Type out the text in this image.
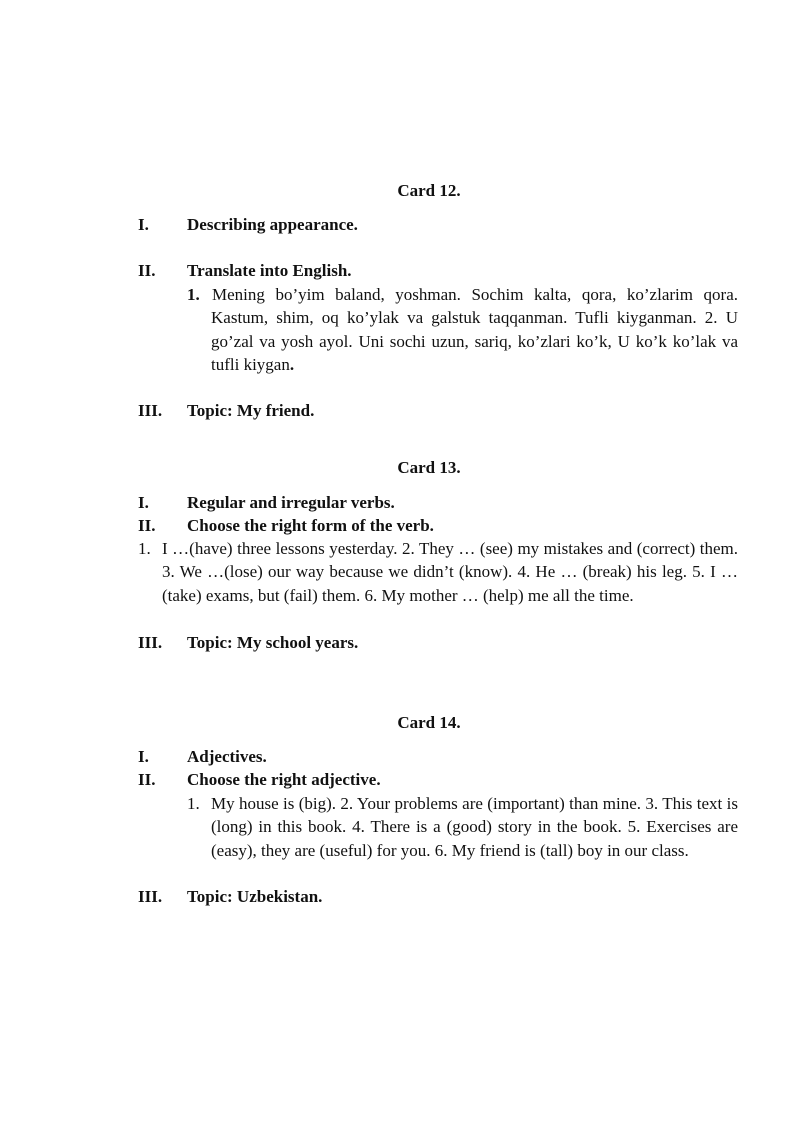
Card 12.
I. Describing appearance.
II. Translate into English.
1. Mening bo’yim baland, yoshman. Sochim kalta, qora, ko’zlarim qora. Kastum, shim, oq ko’ylak va galstuk taqqanman. Tufli kiyganman. 2. U go’zal va yosh ayol. Uni sochi uzun, sariq, ko’zlari ko’k, U ko’k ko’lak va tufli kiygan.
III. Topic: My friend.
Card 13.
I. Regular and irregular verbs.
II. Choose the right form of the verb.
1. I …(have) three lessons yesterday. 2. They … (see) my mistakes and (correct) them. 3. We …(lose) our way because we didn’t (know). 4. He … (break) his leg. 5. I …(take) exams, but (fail) them. 6. My mother … (help) me all the time.
III. Topic: My school years.
Card 14.
I. Adjectives.
II. Choose the right adjective.
1. My house is (big). 2. Your problems are (important) than mine. 3. This text is (long) in this book. 4. There is a (good) story in the book. 5. Exercises are (easy), they are (useful) for you. 6. My friend is (tall) boy in our class.
III. Topic: Uzbekistan.
